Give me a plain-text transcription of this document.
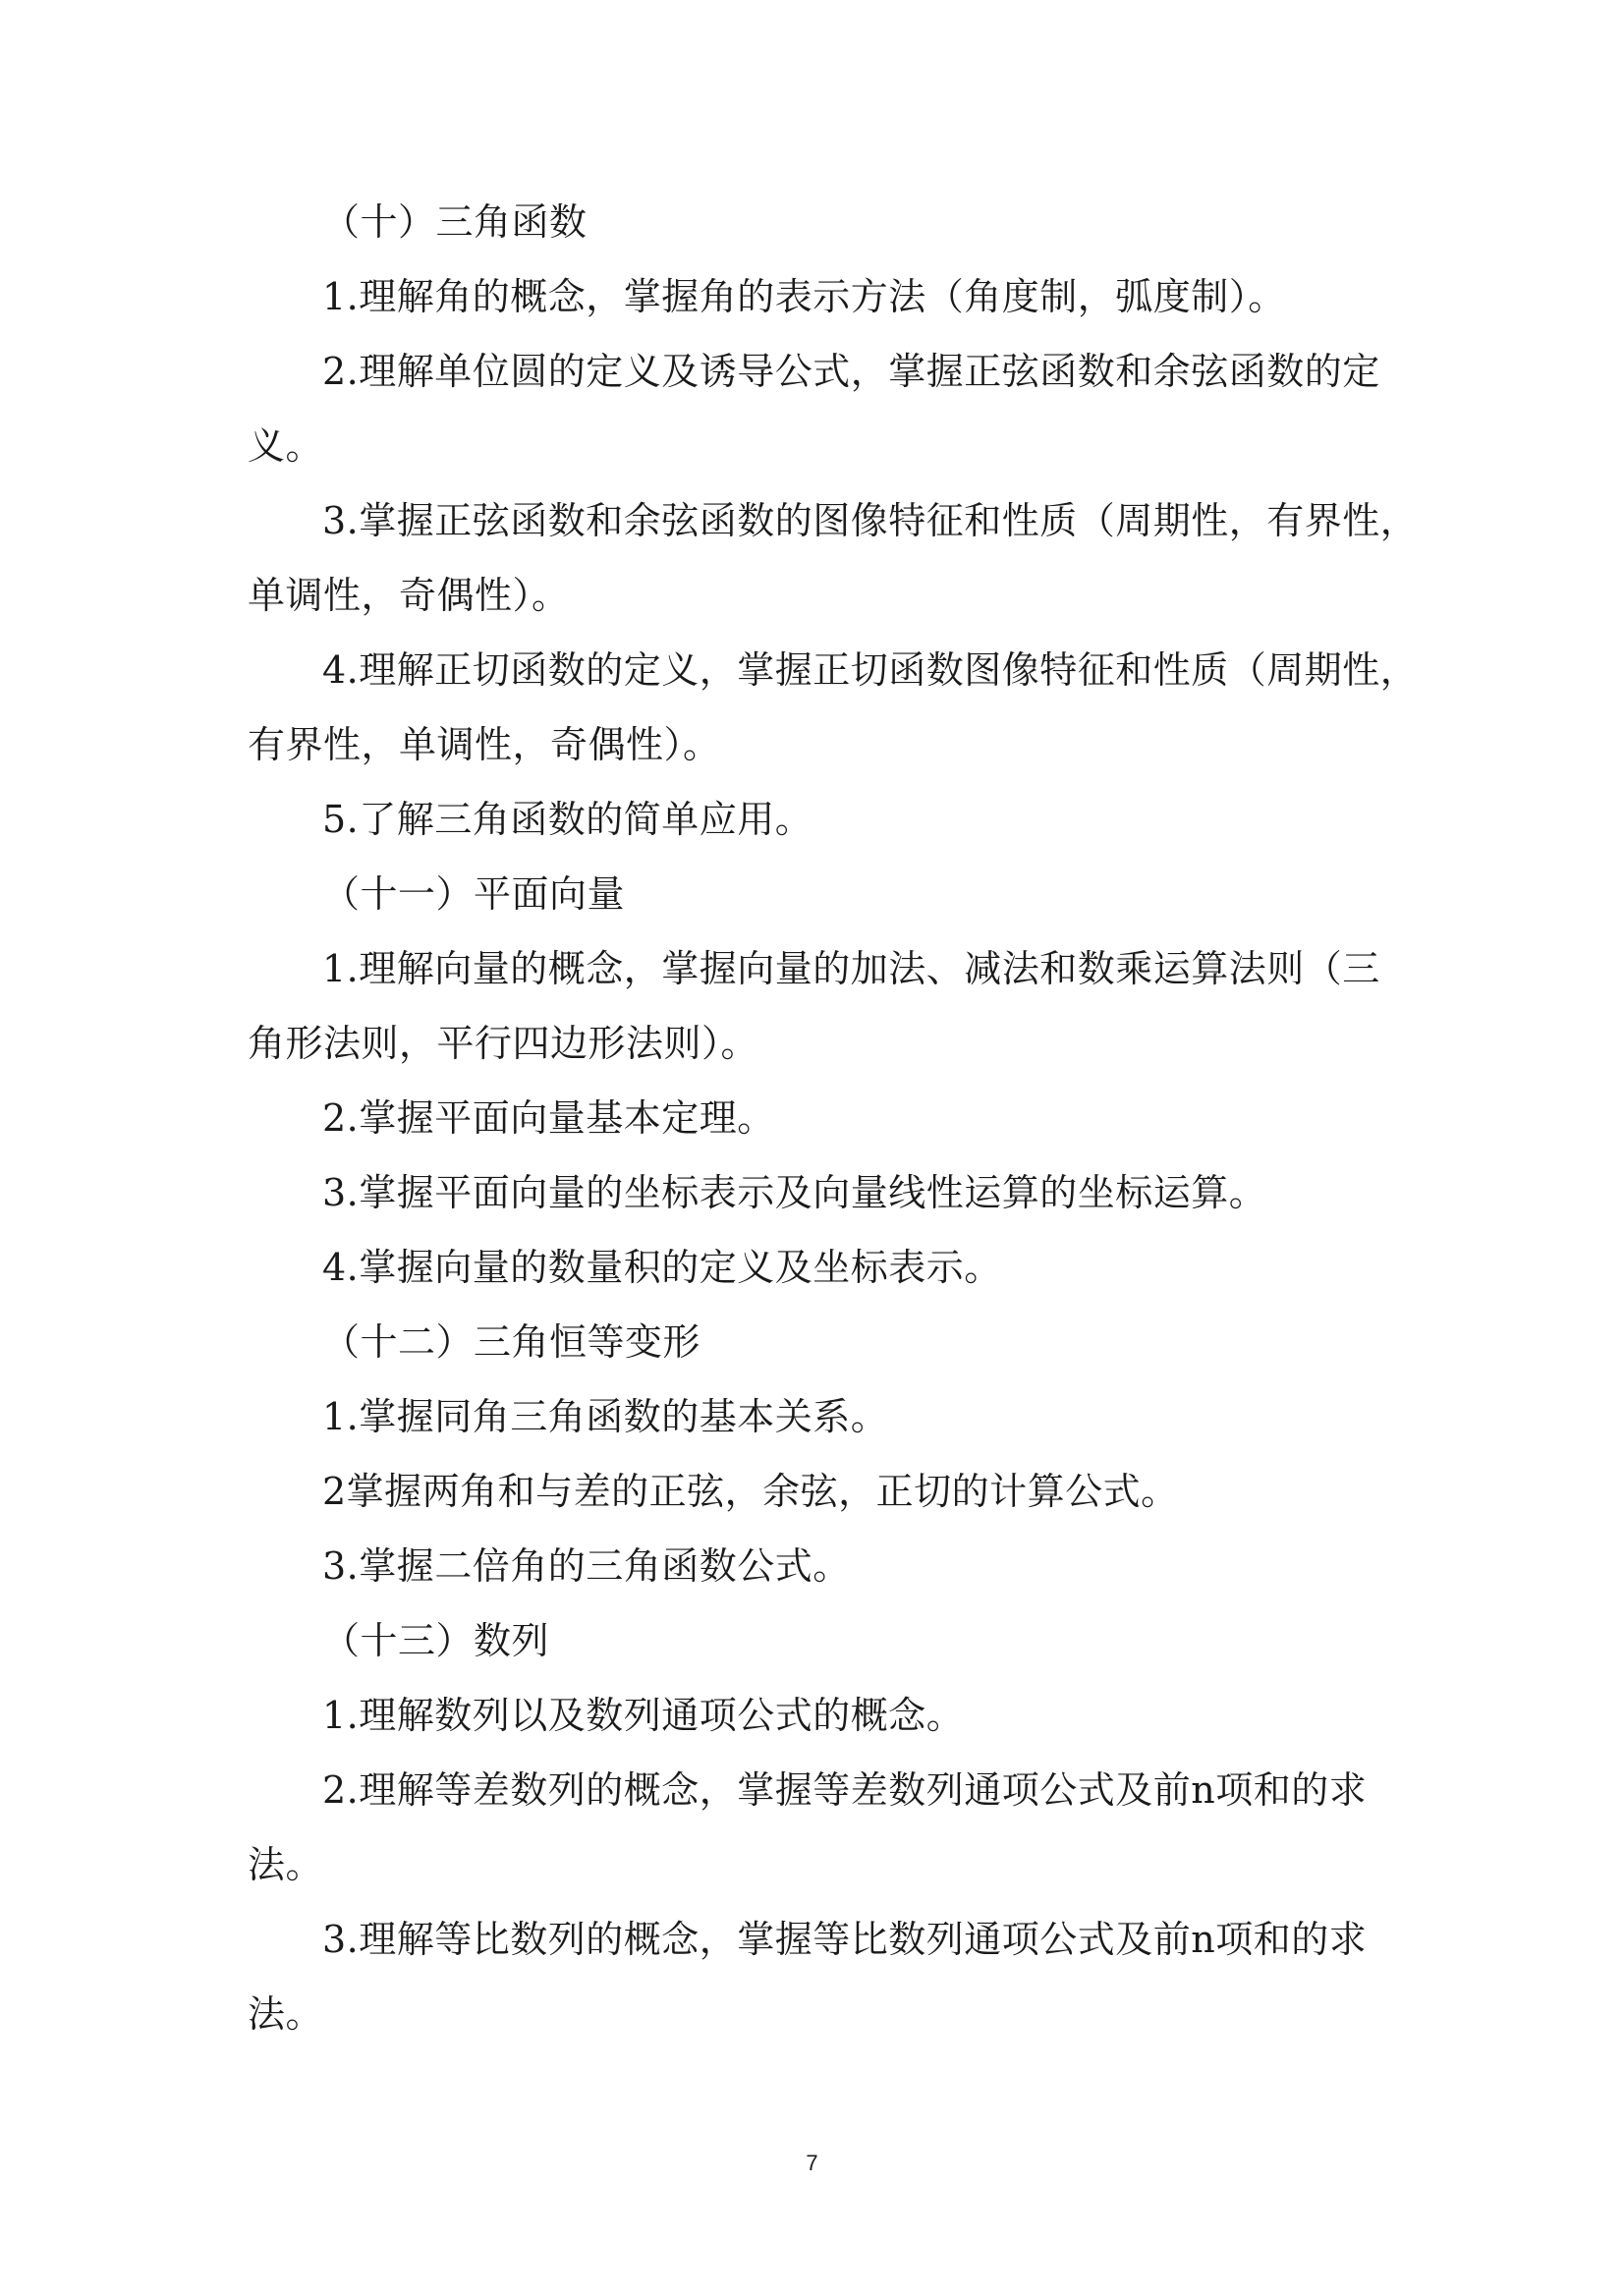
（十）三角函数
1.理解角的概念，掌握角的表示方法（角度制，弧度制）。
2.理解单位圆的定义及诱导公式，掌握正弦函数和余弦函数的定
义。
3.掌握正弦函数和余弦函数的图像特征和性质（周期性，有界性，
单调性，奇偶性）。
4.理解正切函数的定义，掌握正切函数图像特征和性质（周期性，
有界性，单调性，奇偶性）。
5.了解三角函数的简单应用。
（十一）平面向量
1.理解向量的概念，掌握向量的加法、减法和数乘运算法则（三
角形法则，平行四边形法则）。
2.掌握平面向量基本定理。
3.掌握平面向量的坐标表示及向量线性运算的坐标运算。
4.掌握向量的数量积的定义及坐标表示。
（十二）三角恒等变形
1.掌握同角三角函数的基本关系。
2掌握两角和与差的正弦，余弦，正切的计算公式。
3.掌握二倍角的三角函数公式。
（十三）数列
1.理解数列以及数列通项公式的概念。
2.理解等差数列的概念，掌握等差数列通项公式及前n项和的求
法。
3.理解等比数列的概念，掌握等比数列通项公式及前n项和的求
法。
7
